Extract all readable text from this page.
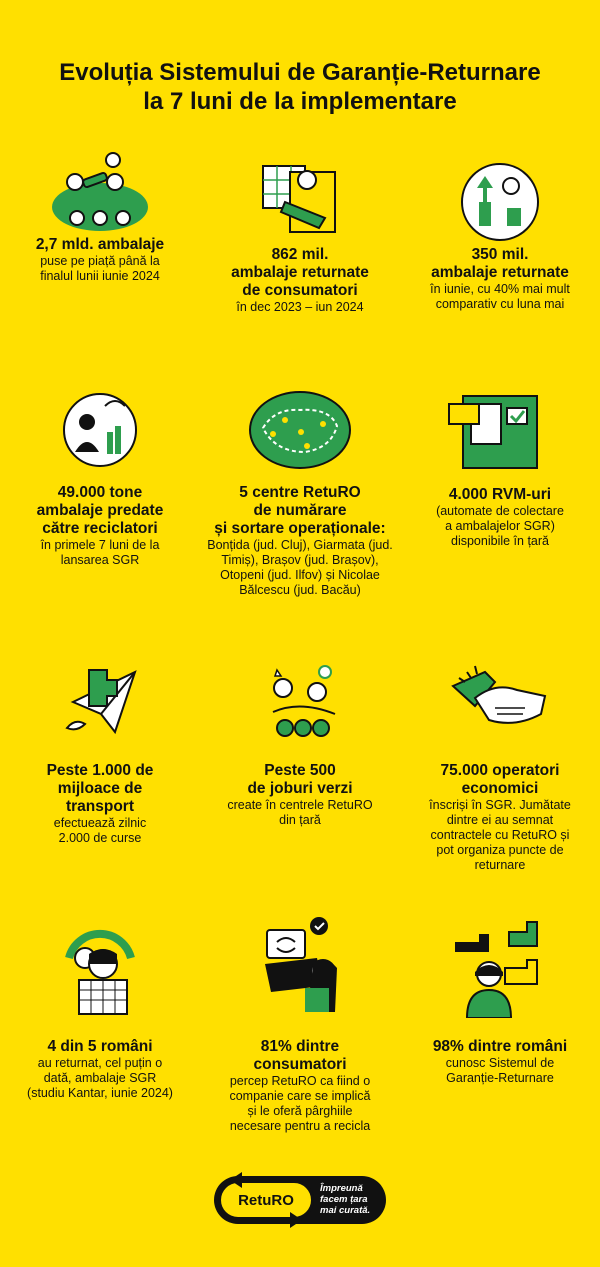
Evoluția Sistemului de Garanție-Returnare
la 7 luni de la implementare
2,7 mld. ambalaje
puse pe piață până la
finalul lunii iunie 2024
862 mil.
ambalaje returnate
de consumatori
în dec 2023 – iun 2024
350 mil.
ambalaje returnate
în iunie, cu 40% mai mult
comparativ cu luna mai
49.000 tone
ambalaje predate
către reciclatori
în primele 7 luni de la
lansarea SGR
5 centre RetuRO
de numărare
și sortare operaționale:
Bonțida (jud. Cluj), Giarmata (jud.
Timiș), Brașov (jud. Brașov),
Otopeni (jud. Ilfov) și Nicolae
Bălcescu (jud. Bacău)
4.000 RVM-uri
(automate de colectare
a ambalajelor SGR)
disponibile în țară
Peste 1.000 de
mijloace de
transport
efectuează zilnic
2.000 de curse
Peste 500
de joburi verzi
create în centrele RetuRO
din țară
75.000 operatori
economici
înscriși în SGR. Jumătate
dintre ei au semnat
contractele cu RetuRO și
pot organiza puncte de
returnare
4 din 5 români
au returnat, cel puțin o
dată, ambalaje SGR
(studiu Kantar, iunie 2024)
81% dintre
consumatori
percep RetuRO ca fiind o
companie care se implică
și le oferă pârghiile
necesare pentru a recicla
98% dintre români
cunosc Sistemul de
Garanție-Returnare
RetuRO
Împreună
facem țara
mai curată.
